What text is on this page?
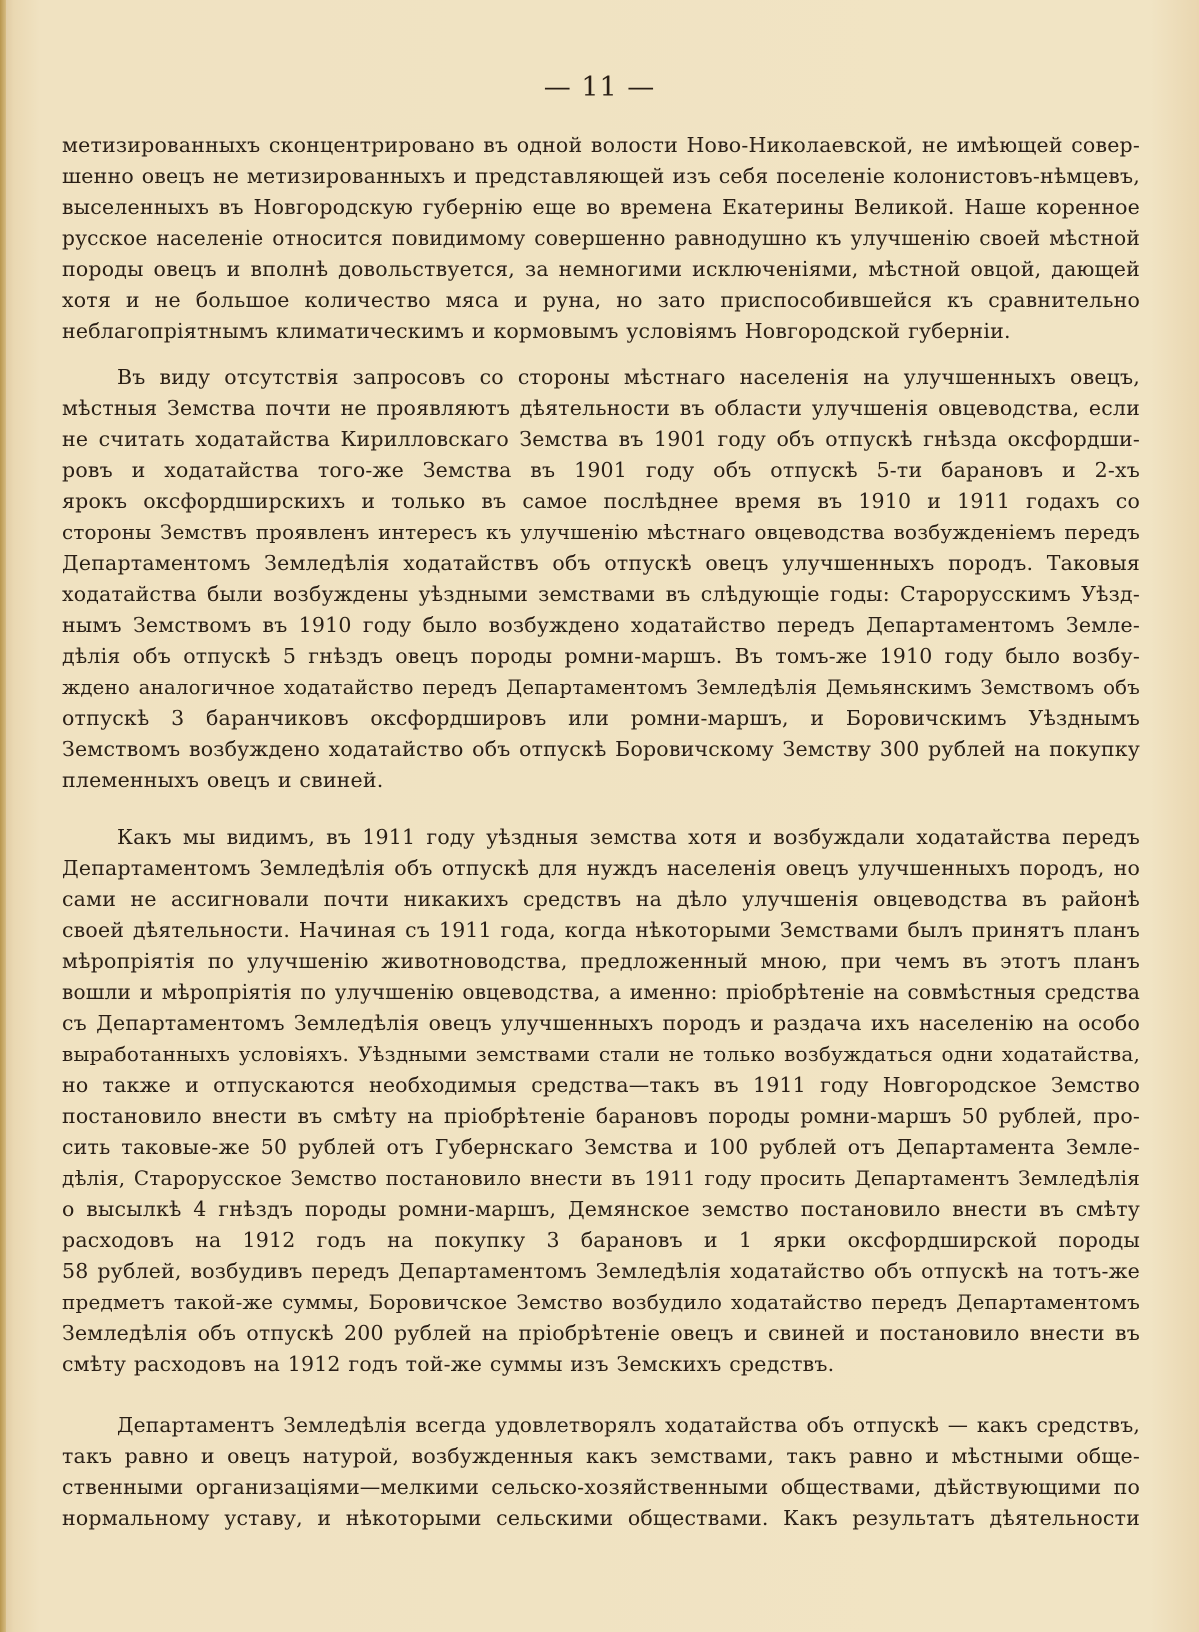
— 11 —
метизированныхъ сконцентрировано въ одной волости Ново-Николаевской, не имѣющей совер-
шенно овецъ не метизированныхъ и представляющей изъ себя поселеніе колонистовъ-нѣмцевъ,
выселенныхъ въ Новгородскую губернію еще во времена Екатерины Великой. Наше коренное
русское населеніе относится повидимому совершенно равнодушно къ улучшенію своей мѣстной
породы овецъ и вполнѣ довольствуется, за немногими исключеніями, мѣстной овцой, дающей
хотя и не большое количество мяса и руна, но зато приспособившейся къ сравнительно
неблагопріятнымъ климатическимъ и кормовымъ условіямъ Новгородской губерніи.
Въ виду отсутствія запросовъ со стороны мѣстнаго населенія на улучшенныхъ овецъ,
мѣстныя Земства почти не проявляютъ дѣятельности въ области улучшенія овцеводства, если
не считать ходатайства Кирилловскаго Земства въ 1901 году объ отпускѣ гнѣзда оксфордши-
ровъ и ходатайства того-же Земства въ 1901 году объ отпускѣ 5-ти барановъ и 2-хъ
ярокъ оксфордширскихъ и только въ самое послѣднее время въ 1910 и 1911 годахъ со
стороны Земствъ проявленъ интересъ къ улучшенію мѣстнаго овцеводства возбужденіемъ передъ
Департаментомъ Земледѣлія ходатайствъ объ отпускѣ овецъ улучшенныхъ породъ. Таковыя
ходатайства были возбуждены уѣздными земствами въ слѣдующіе годы: Старорусскимъ Уѣзд-
нымъ Земствомъ въ 1910 году было возбуждено ходатайство передъ Департаментомъ Земле-
дѣлія объ отпускѣ 5 гнѣздъ овецъ породы ромни-маршъ. Въ томъ-же 1910 году было возбу-
ждено аналогичное ходатайство передъ Департаментомъ Земледѣлія Демьянскимъ Земствомъ объ
отпускѣ 3 баранчиковъ оксфордшировъ или ромни-маршъ, и Боровичскимъ Уѣзднымъ
Земствомъ возбуждено ходатайство объ отпускѣ Боровичскому Земству 300 рублей на покупку
племенныхъ овецъ и свиней.
Какъ мы видимъ, въ 1911 году уѣздныя земства хотя и возбуждали ходатайства передъ
Департаментомъ Земледѣлія объ отпускѣ для нуждъ населенія овецъ улучшенныхъ породъ, но
сами не ассигновали почти никакихъ средствъ на дѣло улучшенія овцеводства въ районѣ
своей дѣятельности. Начиная съ 1911 года, когда нѣкоторыми Земствами былъ принятъ планъ
мѣропріятія по улучшенію животноводства, предложенный мною, при чемъ въ этотъ планъ
вошли и мѣропріятія по улучшенію овцеводства, а именно: пріобрѣтеніе на совмѣстныя средства
съ Департаментомъ Земледѣлія овецъ улучшенныхъ породъ и раздача ихъ населенію на особо
выработанныхъ условіяхъ. Уѣздными земствами стали не только возбуждаться одни ходатайства,
но также и отпускаются необходимыя средства—такъ въ 1911 году Новгородское Земство
постановило внести въ смѣту на пріобрѣтеніе барановъ породы ромни-маршъ 50 рублей, про-
сить таковые-же 50 рублей отъ Губернскаго Земства и 100 рублей отъ Департамента Земле-
дѣлія, Старорусское Земство постановило внести въ 1911 году просить Департаментъ Земледѣлія
о высылкѣ 4 гнѣздъ породы ромни-маршъ, Демянское земство постановило внести въ смѣту
расходовъ на 1912 годъ на покупку 3 барановъ и 1 ярки оксфордширской породы
58 рублей, возбудивъ передъ Департаментомъ Земледѣлія ходатайство объ отпускѣ на тотъ-же
предметъ такой-же суммы, Боровичское Земство возбудило ходатайство передъ Департаментомъ
Земледѣлія объ отпускѣ 200 рублей на пріобрѣтеніе овецъ и свиней и постановило внести въ
смѣту расходовъ на 1912 годъ той-же суммы изъ Земскихъ средствъ.
Департаментъ Земледѣлія всегда удовлетворялъ ходатайства объ отпускѣ — какъ средствъ,
такъ равно и овецъ натурой, возбужденныя какъ земствами, такъ равно и мѣстными обще-
ственными организаціями—мелкими сельско-хозяйственными обществами, дѣйствующими по
нормальному уставу, и нѣкоторыми сельскими обществами. Какъ результатъ дѣятельности
